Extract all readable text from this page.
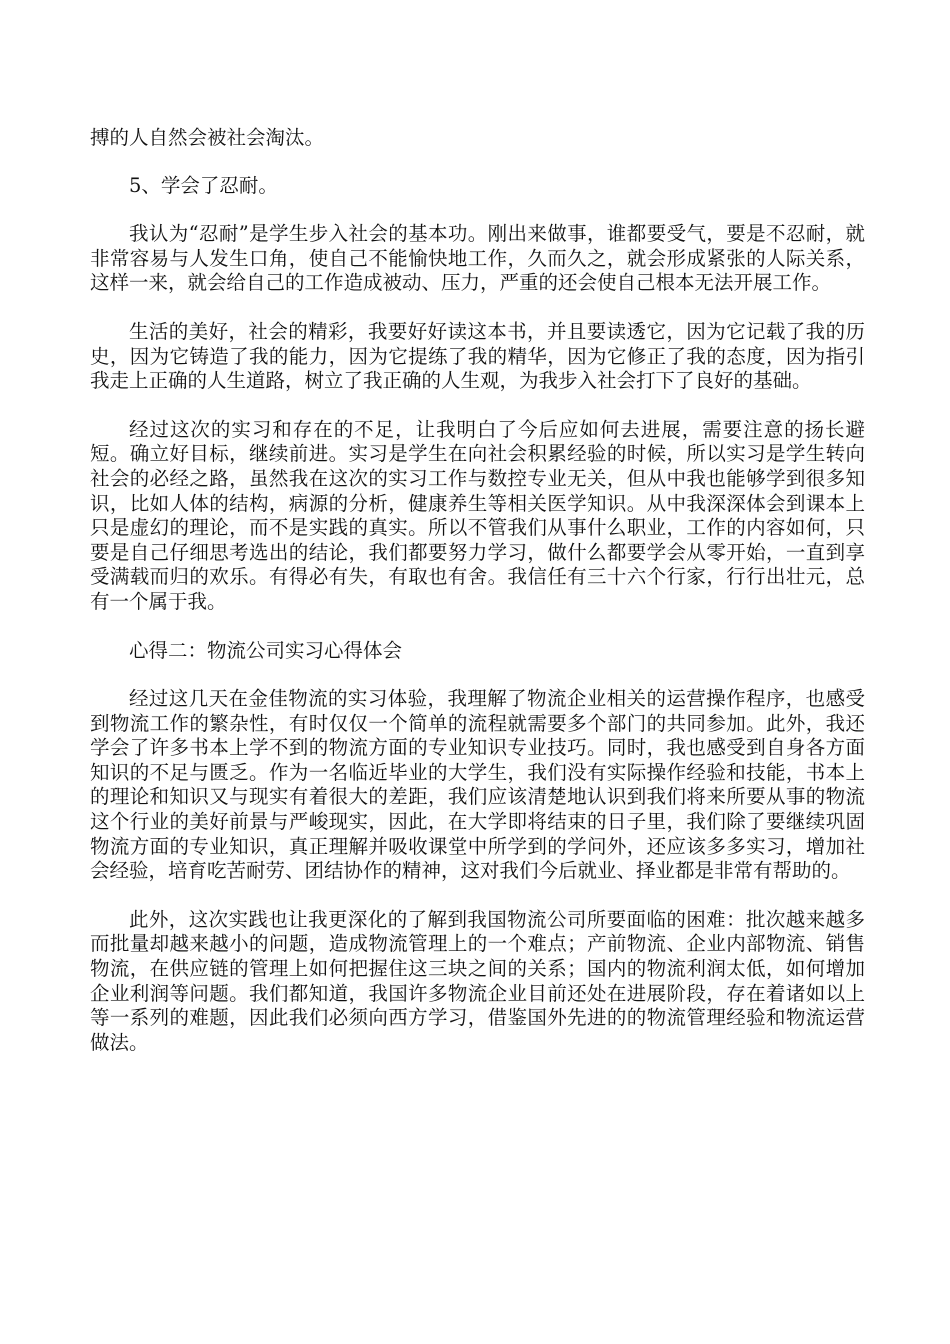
搏的人自然会被社会淘汰。

5、学会了忍耐。

我认为“忍耐”是学生步入社会的基本功。刚出来做事，谁都要受气，要是不忍耐，就非常容易与人发生口角，使自己不能愉快地工作，久而久之，就会形成紧张的人际关系，这样一来，就会给自己的工作造成被动、压力，严重的还会使自己根本无法开展工作。

生活的美好，社会的精彩，我要好好读这本书，并且要读透它，因为它记载了我的历史，因为它铸造了我的能力，因为它提练了我的精华，因为它修正了我的态度，因为指引我走上正确的人生道路，树立了我正确的人生观，为我步入社会打下了良好的基础。

经过这次的实习和存在的不足，让我明白了今后应如何去进展，需要注意的扬长避短。确立好目标，继续前进。实习是学生在向社会积累经验的时候，所以实习是学生转向社会的必经之路，虽然我在这次的实习工作与数控专业无关，但从中我也能够学到很多知识，比如人体的结构，病源的分析，健康养生等相关医学知识。从中我深深体会到课本上只是虚幻的理论，而不是实践的真实。所以不管我们从事什么职业，工作的内容如何，只要是自己仔细思考选出的结论，我们都要努力学习，做什么都要学会从零开始，一直到享受满载而归的欢乐。有得必有失，有取也有舍。我信任有三十六个行家，行行出壮元，总有一个属于我。

心得二：物流公司实习心得体会

经过这几天在金佳物流的实习体验，我理解了物流企业相关的运营操作程序，也感受到物流工作的繁杂性，有时仅仅一个简单的流程就需要多个部门的共同参加。此外，我还学会了许多书本上学不到的物流方面的专业知识专业技巧。同时，我也感受到自身各方面知识的不足与匮乏。作为一名临近毕业的大学生，我们没有实际操作经验和技能，书本上的理论和知识又与现实有着很大的差距，我们应该清楚地认识到我们将来所要从事的物流这个行业的美好前景与严峻现实，因此，在大学即将结束的日子里，我们除了要继续巩固物流方面的专业知识，真正理解并吸收课堂中所学到的学问外，还应该多多实习，增加社会经验，培育吃苦耐劳、团结协作的精神，这对我们今后就业、择业都是非常有帮助的。

此外，这次实践也让我更深化的了解到我国物流公司所要面临的困难：批次越来越多而批量却越来越小的问题，造成物流管理上的一个难点；产前物流、企业内部物流、销售物流，在供应链的管理上如何把握住这三块之间的关系；国内的物流利润太低，如何增加企业利润等问题。我们都知道，我国许多物流企业目前还处在进展阶段，存在着诸如以上等一系列的难题，因此我们必须向西方学习，借鉴国外先进的的物流管理经验和物流运营做法。
